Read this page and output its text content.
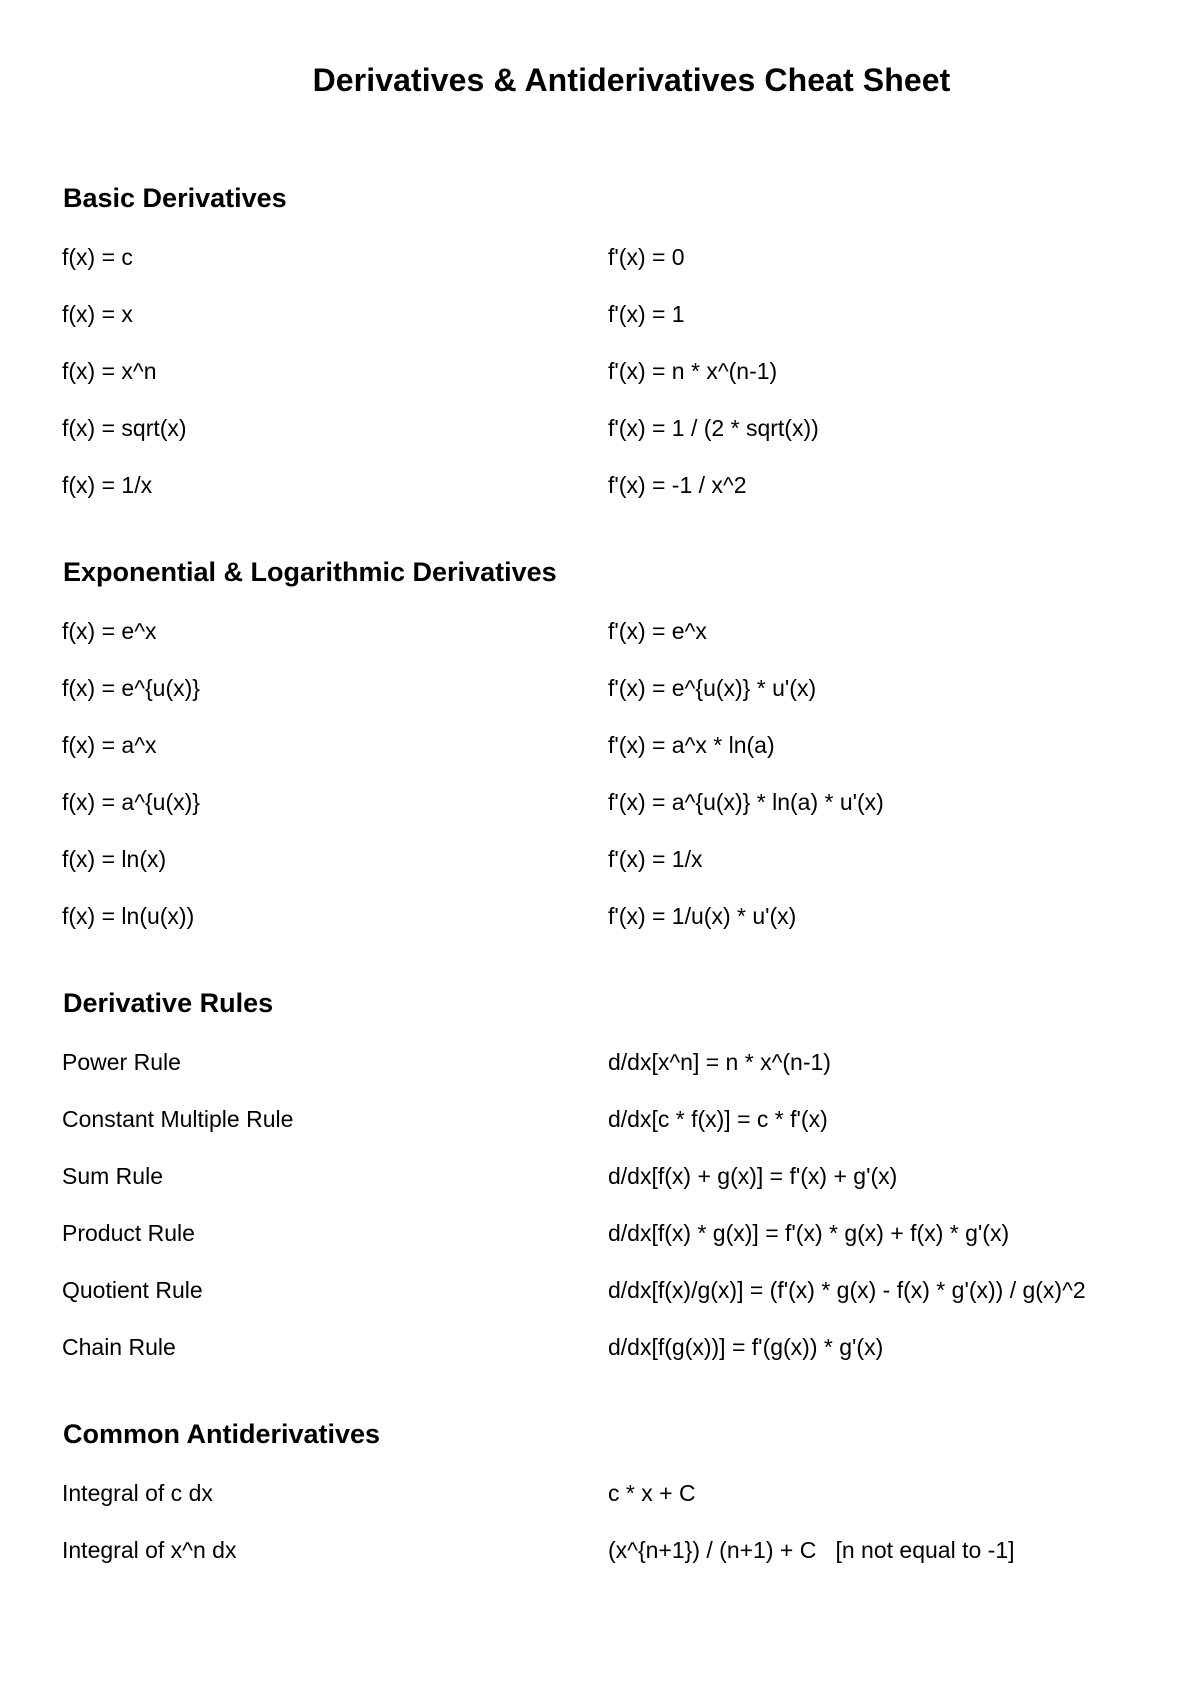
Derivatives & Antiderivatives Cheat Sheet
Basic Derivatives
f(x) = c	f'(x) = 0
f(x) = x	f'(x) = 1
f(x) = x^n	f'(x) = n * x^(n-1)
f(x) = sqrt(x)	f'(x) = 1 / (2 * sqrt(x))
f(x) = 1/x	f'(x) = -1 / x^2
Exponential & Logarithmic Derivatives
f(x) = e^x	f'(x) = e^x
f(x) = e^{u(x)}	f'(x) = e^{u(x)} * u'(x)
f(x) = a^x	f'(x) = a^x * ln(a)
f(x) = a^{u(x)}	f'(x) = a^{u(x)} * ln(a) * u'(x)
f(x) = ln(x)	f'(x) = 1/x
f(x) = ln(u(x))	f'(x) = 1/u(x) * u'(x)
Derivative Rules
Power Rule	d/dx[x^n] = n * x^(n-1)
Constant Multiple Rule	d/dx[c * f(x)] = c * f'(x)
Sum Rule	d/dx[f(x) + g(x)] = f'(x) + g'(x)
Product Rule	d/dx[f(x) * g(x)] = f'(x) * g(x) + f(x) * g'(x)
Quotient Rule	d/dx[f(x)/g(x)] = (f'(x) * g(x) - f(x) * g'(x)) / g(x)^2
Chain Rule	d/dx[f(g(x))] = f'(g(x)) * g'(x)
Common Antiderivatives
Integral of c dx	c * x + C
Integral of x^n dx	(x^{n+1}) / (n+1) + C   [n not equal to -1]
